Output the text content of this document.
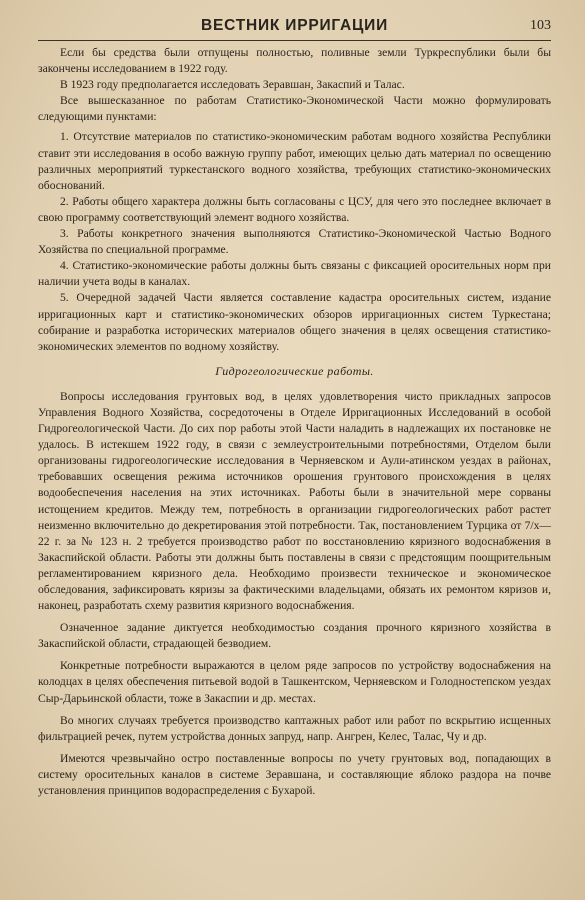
ВЕСТНИК ИРРИГАЦИИ	103

Если бы средства были отпущены полностью, поливные земли Туркреспублики были бы закончены исследованием в 1922 году.

В 1923 году предполагается исследовать Зеравшан, Закаспий и Талас.

Все вышесказанное по работам Статистико-Экономической Части можно формулировать следующими пунктами:

1. Отсутствие материалов по статистико-экономическим работам водного хозяйства Республики ставит эти исследования в особо важную группу работ, имеющих целью дать материал по освещению различных мероприятий туркестанского водного хозяйства, требующих статистико-экономических обоснований.

2. Работы общего характера должны быть согласованы с ЦСУ, для чего это последнее включает в свою программу соответствующий элемент водного хозяйства.

3. Работы конкретного значения выполняются Статистико-Экономической Частью Водного Хозяйства по специальной программе.

4. Статистико-экономические работы должны быть связаны с фиксацией оросительных норм при наличии учета воды в каналах.

5. Очередной задачей Части является составление кадастра оросительных систем, издание ирригационных карт и статистико-экономических обзоров ирригационных систем Туркестана; собирание и разработка исторических материалов общего значения в целях освещения статистико-экономических элементов по водному хозяйству.

Гидрогеологические работы.

Вопросы исследования грунтовых вод, в целях удовлетворения чисто прикладных запросов Управления Водного Хозяйства, сосредоточены в Отделе Ирригационных Исследований в особой Гидрогеологической Части. До сих пор работы этой Части наладить в надлежащих их постановке не удалось. В истекшем 1922 году, в связи с землеустроительными потребностями, Отделом были организованы гидрогеологические исследования в Черняевском и Аули-атинском уездах в районах, требовавших освещения режима источников орошения грунтового происхождения в целях водообеспечения населения на этих источниках. Работы были в значительной мере сорваны истощением кредитов. Между тем, потребность в организации гидрогеологических работ растет неизменно включительно до декретирования этой потребности. Так, постановлением Турцика от 7/х—22 г. за № 123 н. 2 требуется производство работ по восстановлению кяризного водоснабжения в Закаспийской области. Работы эти должны быть поставлены в связи с предстоящим поощрительным регламентированием кяризного дела. Необходимо произвести техническое и экономическое обследования, зафиксировать кяризы за фактическими владельцами, обязать их ремонтом кяризов и, наконец, разработать схему развития кяризного водоснабжения.

Означенное задание диктуется необходимостью создания прочного кяризного хозяйства в Закаспийской области, страдающей безводием.

Конкретные потребности выражаются в целом ряде запросов по устройству водоснабжения на колодцах в целях обеспечения питьевой водой в Ташкентском, Черняевском и Голодностепском уездах Сыр-Дарьинской области, тоже в Закаспии и др. местах.

Во многих случаях требуется производство каптажных работ или работ по вскрытию исщенных фильтрацией речек, путем устройства донных запруд, напр. Ангрен, Келес, Талас, Чу и др.

Имеются чрезвычайно остро поставленные вопросы по учету грунтовых вод, попадающих в систему оросительных каналов в системе Зеравшана, и составляющие яблоко раздора на почве установления принципов водораспределения с Бухарой.
